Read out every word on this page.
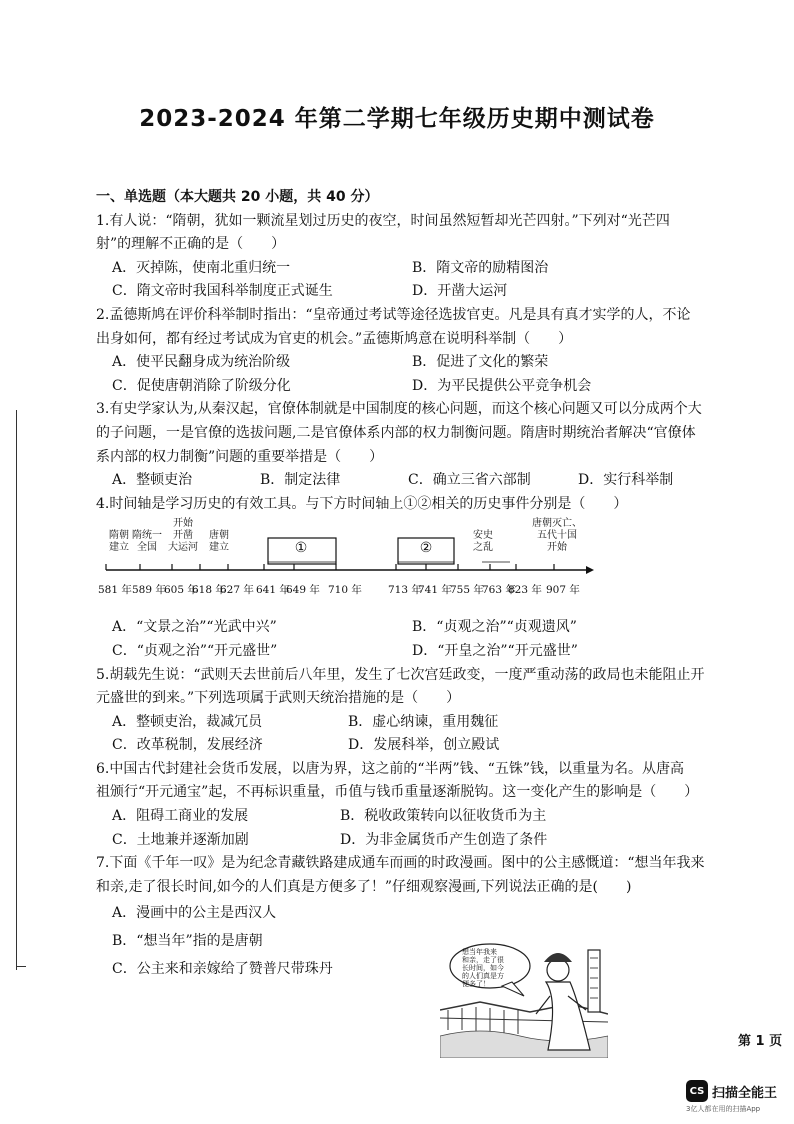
2023-2024 年第二学期七年级历史期中测试卷
一、单选题（本大题共 20 小题，共 40 分）
1.有人说：“隋朝，犹如一颗流星划过历史的夜空，时间虽然短暂却光芒四射。”下列对“光芒四
射”的理解不正确的是（　　）
A．灭掉陈，使南北重归统一	B．隋文帝的励精图治
C．隋文帝时我国科举制度正式诞生	D．开凿大运河
2.孟德斯鸠在评价科举制时指出：“皇帝通过考试等途径选拔官吏。凡是具有真才实学的人，不论
出身如何，都有经过考试成为官吏的机会。”孟德斯鸠意在说明科举制（　　）
A．使平民翻身成为统治阶级	B．促进了文化的繁荣
C．促使唐朝消除了阶级分化	D．为平民提供公平竞争机会
3.有史学家认为,从秦汉起，官僚体制就是中国制度的核心问题，而这个核心问题又可以分成两个大
的子问题，一是官僚的选拔问题,二是官僚体系内部的权力制衡问题。隋唐时期统治者解决“官僚体
系内部的权力制衡”问题的重要举措是（　　）
A．整顿吏治	B．制定法律	C．确立三省六部制	D．实行科举制
4.时间轴是学习历史的有效工具。与下方时间轴上①②相关的历史事件分别是（　　）
隋朝
建立
隋统一
全国
开始
开凿
大运河
唐朝
建立
安史
之乱
唐朝灭亡、
五代十国
开始
①	②
581 年 589 年
605 年
618 年
627 年 641 年
649 年 710 年 713 年
741 年
755 年
763 年
823 年 907 年
A．“文景之治”“光武中兴”	B．“贞观之治”“贞观遗风”
C．“贞观之治”“开元盛世”	D．“开皇之治”“开元盛世”
5.胡载先生说：“武则天去世前后八年里，发生了七次宫廷政变，一度严重动荡的政局也未能阻止开
元盛世的到来。”下列选项属于武则天统治措施的是（　　）
A．整顿吏治，裁减冗员	B．虚心纳谏，重用魏征
C．改革税制，发展经济	D．发展科举，创立殿试
6.中国古代封建社会货币发展，以唐为界，这之前的“半两”钱、“五铢”钱，以重量为名。从唐高
祖颁行“开元通宝”起，不再标识重量，币值与钱币重量逐渐脱钩。这一变化产生的影响是（　　）
A．阻碍工商业的发展	B．税收政策转向以征收货币为主
C．土地兼并逐渐加剧	D．为非金属货币产生创造了条件
7.下面《千年一叹》是为纪念青藏铁路建成通车而画的时政漫画。图中的公主感慨道：“想当年我来
和亲,走了很长时间,如今的人们真是方便多了！”仔细观察漫画,下列说法正确的是(　　)
A．漫画中的公主是西汉人
B．“想当年”指的是唐朝
C．公主来和亲嫁给了赞普尺带珠丹
想当年我来
和亲，走了很
长时间，如今
的人们真是方
便多了！
第 1 页
CS 扫描全能王
3亿人都在用的扫描App
